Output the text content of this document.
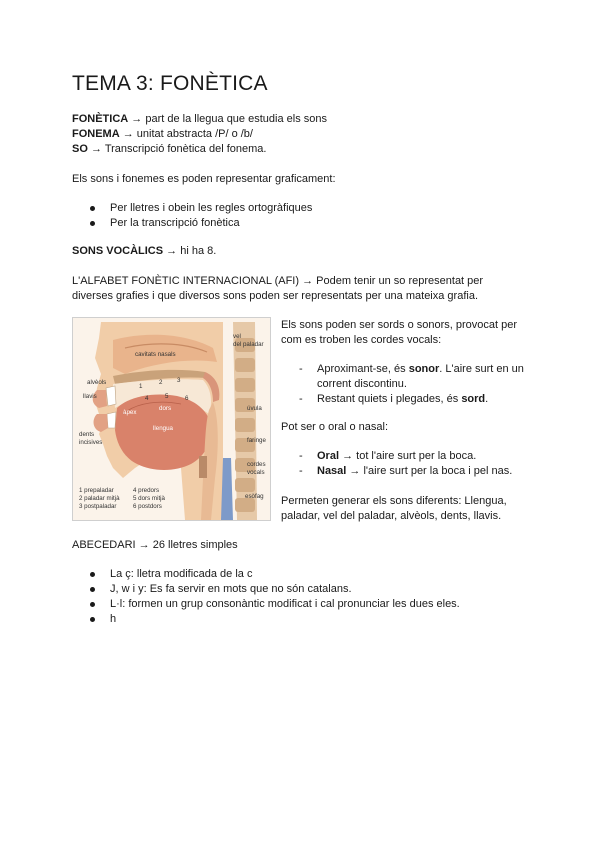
TEMA 3: FONÈTICA
FONÈTICA → part de la llegua que estudia els sons
FONEMA → unitat abstracta /P/ o /b/
SO → Transcripció fonètica del fonema.
Els sons i fonemes es poden representar graficament:
Per lletres i obein les regles ortogràfiques
Per la transcripció fonètica
SONS VOCÀLICS → hi ha 8.
L'ALFABET FONÈTIC INTERNACIONAL (AFI) → Podem tenir un so representat per
diverses grafies i que diversos sons poden ser representats per una mateixa grafia.
cavitats nasals
vel
del paladar
alvèols
llavis
àpex
dors
llengua
úvula
dents
incisives	faringe
cordes
vocals
esòfag
1
2 3
4	5	6
1 prepaladar
2 paladar mitjà
3 postpaladar
4 predors
5 dors mitjà
6 postdors
Els sons poden ser sords o sonors, provocat per
com es troben les cordes vocals:
- Aproximant-se, és sonor. L'aire surt en un corrent discontinu.
- Restant quiets i plegades, és sord.
Pot ser o oral o nasal:
- Oral → tot l'aire surt per la boca.
- Nasal → l'aire surt per la boca i pel nas.
Permeten generar els sons diferents: Llengua,
paladar, vel del paladar, alvèols, dents, llavis.
ABECEDARI → 26 lletres simples
La ç: lletra modificada de la c
J, w i y: Es fa servir en mots que no són catalans.
L·l: formen un grup consonàntic modificat i cal pronunciar les dues eles.
h
